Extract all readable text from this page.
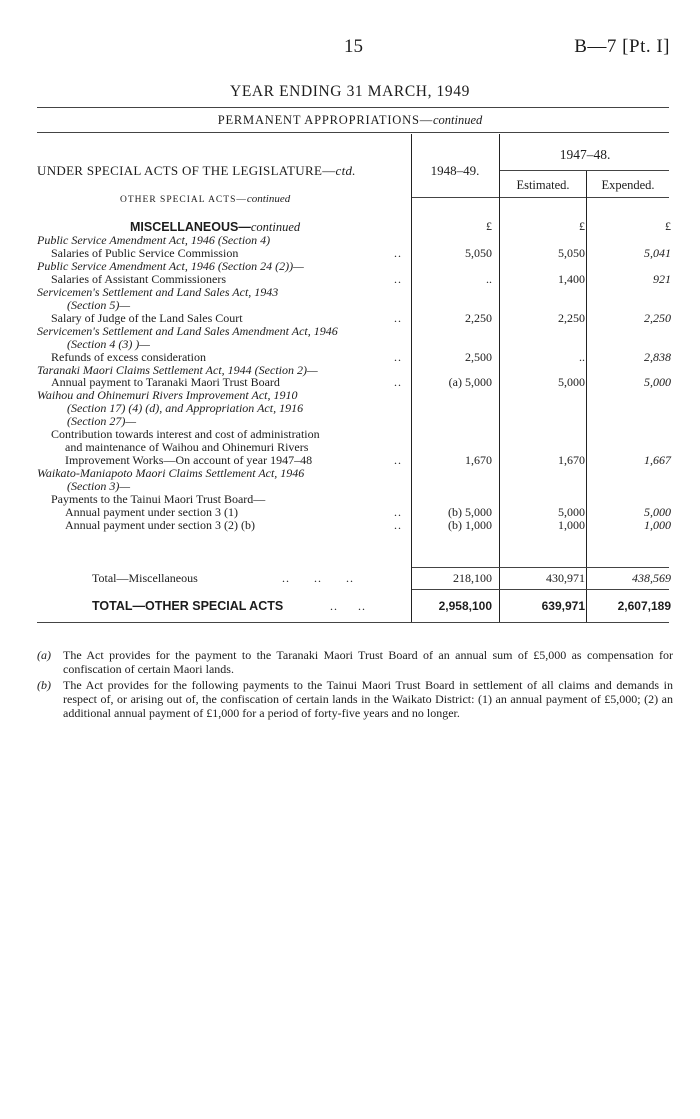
15	B—7 [Pt. I]
YEAR ENDING 31 MARCH, 1949
PERMANENT APPROPRIATIONS—continued
UNDER SPECIAL ACTS OF THE LEGISLATURE—ctd.
OTHER SPECIAL ACTS—continued
1948–49.
1947–48.
Estimated.	Expended.
MISCELLANEOUS—continued	£	£	£
Public Service Amendment Act, 1946 (Section 4)
Salaries of Public Service Commission	..	5,050	5,050	5,041
Public Service Amendment Act, 1946 (Section 24 (2))—
Salaries of Assistant Commissioners	..	..	1,400	921
Servicemen's Settlement and Land Sales Act, 1943
(Section 5)—
Salary of Judge of the Land Sales Court	..	2,250	2,250	2,250
Servicemen's Settlement and Land Sales Amendment Act, 1946
(Section 4 (3) )—
Refunds of excess consideration	..	2,500	..	2,838
Taranaki Maori Claims Settlement Act, 1944 (Section 2)—
Annual payment to Taranaki Maori Trust Board	..	(a) 5,000	5,000	5,000
Waihou and Ohinemuri Rivers Improvement Act, 1910
(Section 17) (4) (d), and Appropriation Act, 1916
(Section 27)—
Contribution towards interest and cost of administration
and maintenance of Waihou and Ohinemuri Rivers
Improvement Works—On account of year 1947–48	..	1,670	1,670	1,667
Waikato-Maniapoto Maori Claims Settlement Act, 1946
(Section 3)—
Payments to the Tainui Maori Trust Board—
Annual payment under section 3 (1)	..	(b) 5,000	5,000	5,000
Annual payment under section 3 (2) (b)	..	(b) 1,000	1,000	1,000
Total—Miscellaneous	..      ..      ..	218,100	430,971	438,569
TOTAL—OTHER SPECIAL ACTS	..     ..	2,958,100	639,971	2,607,189
(a) The Act provides for the payment to the Taranaki Maori Trust Board of an annual sum of £5,000 as compensation for confiscation of certain Maori lands.
(b) The Act provides for the following payments to the Tainui Maori Trust Board in settlement of all claims and demands in respect of, or arising out of, the confiscation of certain lands in the Waikato District: (1) an annual payment of £5,000; (2) an additional annual payment of £1,000 for a period of forty-five years and no longer.
